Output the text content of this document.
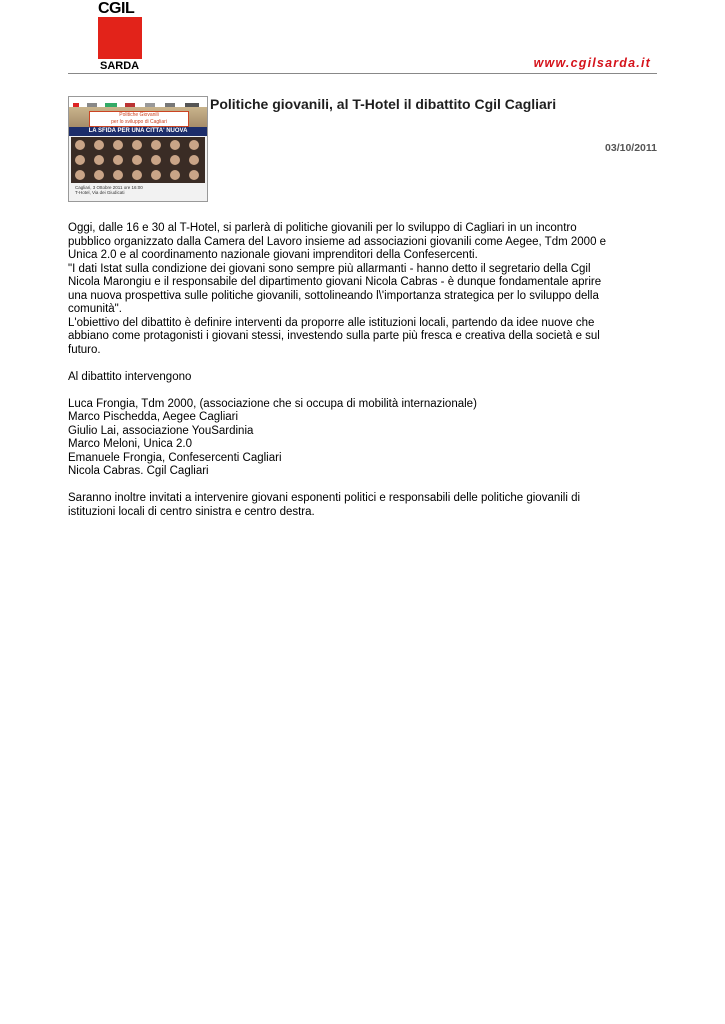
CGIL
SARDA	www.cgilsarda.it
Politiche Giovanili
per lo sviluppo di Cagliari
LA SFIDA PER UNA CITTA' NUOVA
Cagliari, 3 Ottobre 2011 ore 16:00
T-Hotel, Via dei Giudicati
Politiche giovanili, al T-Hotel il dibattito Cgil Cagliari
03/10/2011

Oggi, dalle 16 e 30 al T-Hotel, si parlerà di politiche giovanili per lo sviluppo di Cagliari in un incontro
pubblico organizzato dalla Camera del Lavoro insieme ad associazioni giovanili come Aegee, Tdm 2000 e
Unica 2.0 e al coordinamento nazionale giovani imprenditori della Confesercenti.
"I dati Istat sulla condizione dei giovani sono sempre più allarmanti - hanno detto il segretario della Cgil
Nicola Marongiu e il responsabile del dipartimento giovani Nicola Cabras - è dunque fondamentale aprire
una nuova prospettiva sulle politiche giovanili, sottolineando l\'importanza strategica per lo sviluppo della
comunità".
L'obiettivo del dibattito è definire interventi da proporre alle istituzioni locali, partendo da idee nuove che
abbiano come protagonisti i giovani stessi, investendo sulla parte più fresca e creativa della società e sul
futuro.

Al dibattito intervengono

Luca Frongia, Tdm 2000, (associazione che si occupa di mobilità internazionale)
Marco Pischedda, Aegee Cagliari
Giulio Lai, associazione YouSardinia
Marco Meloni, Unica 2.0
Emanuele Frongia, Confesercenti Cagliari
Nicola Cabras. Cgil Cagliari

Saranno inoltre invitati a intervenire giovani esponenti politici e responsabili delle politiche giovanili di
istituzioni locali di centro sinistra e centro destra.
